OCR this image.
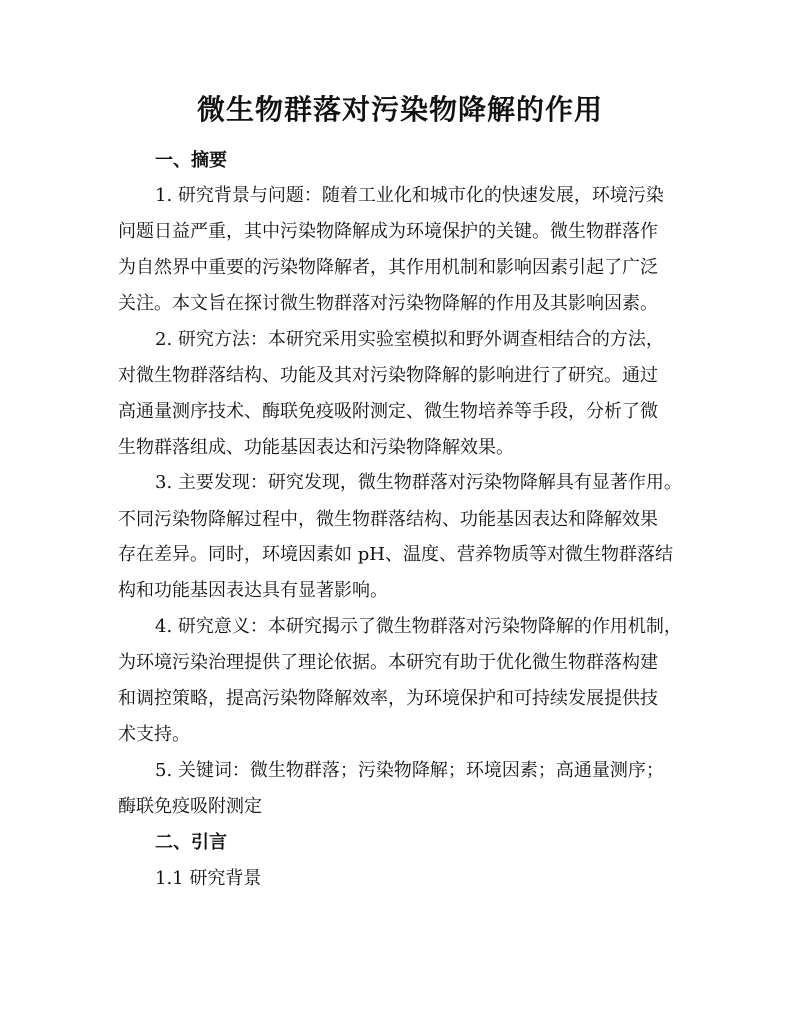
微生物群落对污染物降解的作用
一、摘要
1. 研究背景与问题：随着工业化和城市化的快速发展，环境污染
问题日益严重，其中污染物降解成为环境保护的关键。微生物群落作
为自然界中重要的污染物降解者，其作用机制和影响因素引起了广泛
关注。本文旨在探讨微生物群落对污染物降解的作用及其影响因素。
2. 研究方法：本研究采用实验室模拟和野外调查相结合的方法，
对微生物群落结构、功能及其对污染物降解的影响进行了研究。通过
高通量测序技术、酶联免疫吸附测定、微生物培养等手段，分析了微
生物群落组成、功能基因表达和污染物降解效果。
3. 主要发现：研究发现，微生物群落对污染物降解具有显著作用。
不同污染物降解过程中，微生物群落结构、功能基因表达和降解效果
存在差异。同时，环境因素如 pH、温度、营养物质等对微生物群落结
构和功能基因表达具有显著影响。
4. 研究意义：本研究揭示了微生物群落对污染物降解的作用机制，
为环境污染治理提供了理论依据。本研究有助于优化微生物群落构建
和调控策略，提高污染物降解效率，为环境保护和可持续发展提供技
术支持。
5. 关键词：微生物群落；污染物降解；环境因素；高通量测序；
酶联免疫吸附测定
二、引言
1.1 研究背景
